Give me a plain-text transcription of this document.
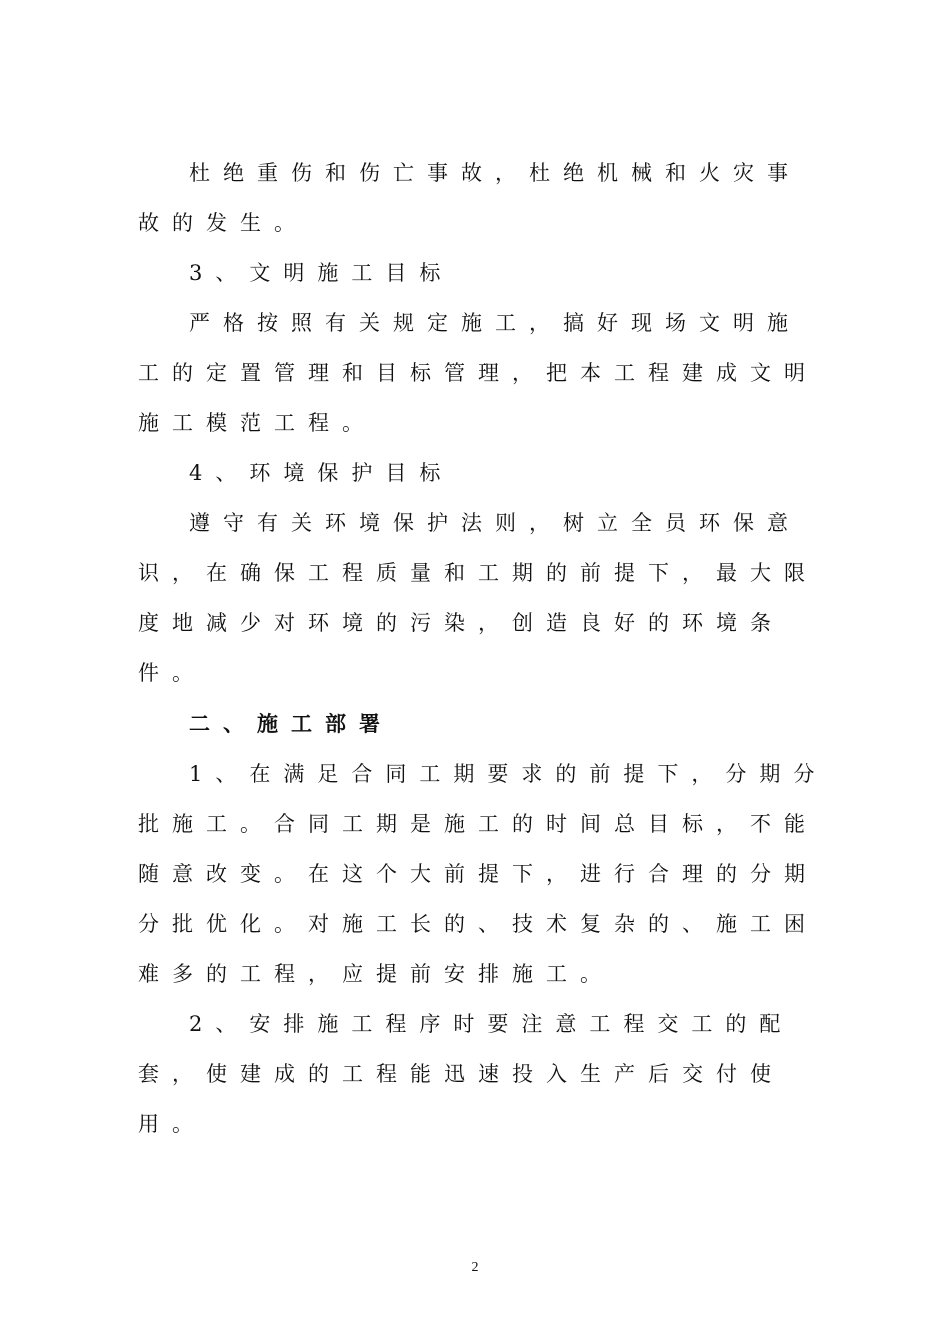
杜绝重伤和伤亡事故，杜绝机械和火灾事
故的发生。
3、文明施工目标
严格按照有关规定施工，搞好现场文明施
工的定置管理和目标管理，把本工程建成文明
施工模范工程。
4、环境保护目标
遵守有关环境保护法则，树立全员环保意
识，在确保工程质量和工期的前提下，最大限
度地减少对环境的污染，创造良好的环境条
件。
二、施工部署
1、在满足合同工期要求的前提下，分期分
批施工。合同工期是施工的时间总目标，不能
随意改变。在这个大前提下，进行合理的分期
分批优化。对施工长的、技术复杂的、施工困
难多的工程，应提前安排施工。
2、安排施工程序时要注意工程交工的配
套，使建成的工程能迅速投入生产后交付使
用。
2
